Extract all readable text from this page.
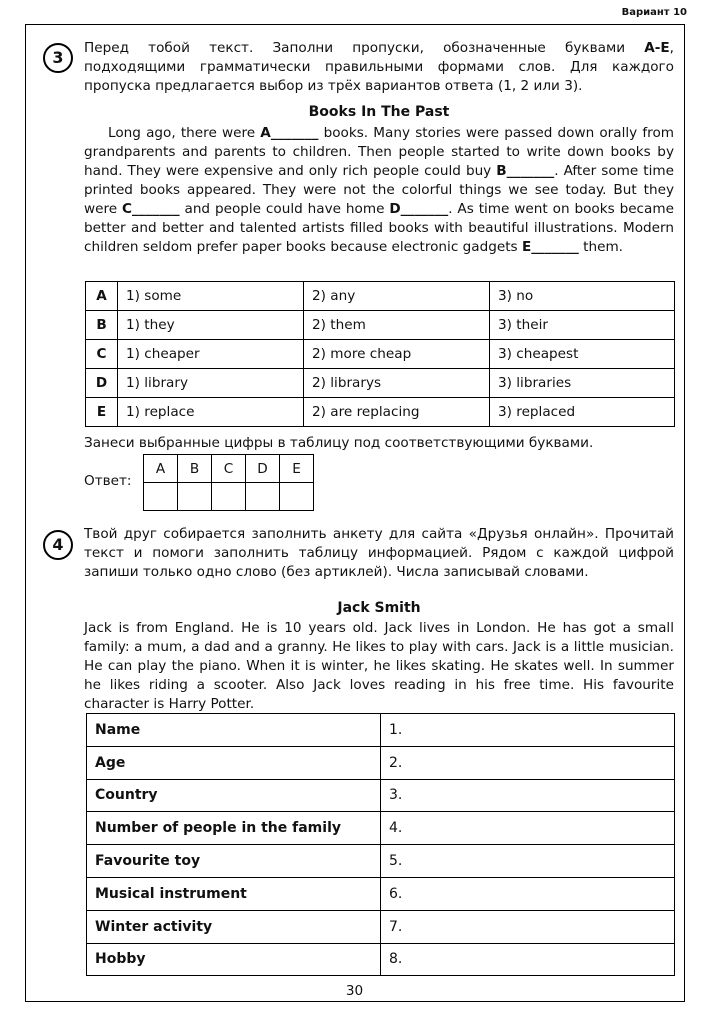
Вариант 10
3	Перед тобой текст. Заполни пропуски, обозначенные буквами A-E, подходящими грамматически правильными формами слов. Для каждого пропуска предлагается выбор из трёх вариантов ответа (1, 2 или 3).
Books In The Past
Long ago, there were A_______ books. Many stories were passed down orally from grandparents and parents to children. Then people started to write down books by hand. They were expensive and only rich people could buy B_______. After some time printed books appeared. They were not the colorful things we see today. But they were C_______ and people could have home D_______. As time went on books became better and better and talented artists filled books with beautiful illustrations. Modern children seldom prefer paper books because electronic gadgets E_______ them.
A	1) some	2) any	3) no
B	1) they	2) them	3) their
C	1) cheaper	2) more cheap	3) cheapest
D	1) library	2) librarys	3) libraries
E	1) replace	2) are replacing	3) replaced
Занеси выбранные цифры в таблицу под соответствующими буквами.
Ответ:
A	B	C	D	E

4
Твой друг собирается заполнить анкету для сайта «Друзья онлайн». Прочитай текст и помоги заполнить таблицу информацией. Рядом с каждой цифрой запиши только одно слово (без артиклей). Числа записывай словами.
Jack Smith
Jack is from England. He is 10 years old. Jack lives in London. He has got a small family: a mum, a dad and a granny. He likes to play with cars. Jack is a little musician. He can play the piano. When it is winter, he likes skating. He skates well. In summer he likes riding a scooter. Also Jack loves reading in his free time. His favourite character is Harry Potter.
Name	1.
Age	2.
Country	3.
Number of people in the family	4.
Favourite toy	5.
Musical instrument	6.
Winter activity	7.
Hobby	8.
30
